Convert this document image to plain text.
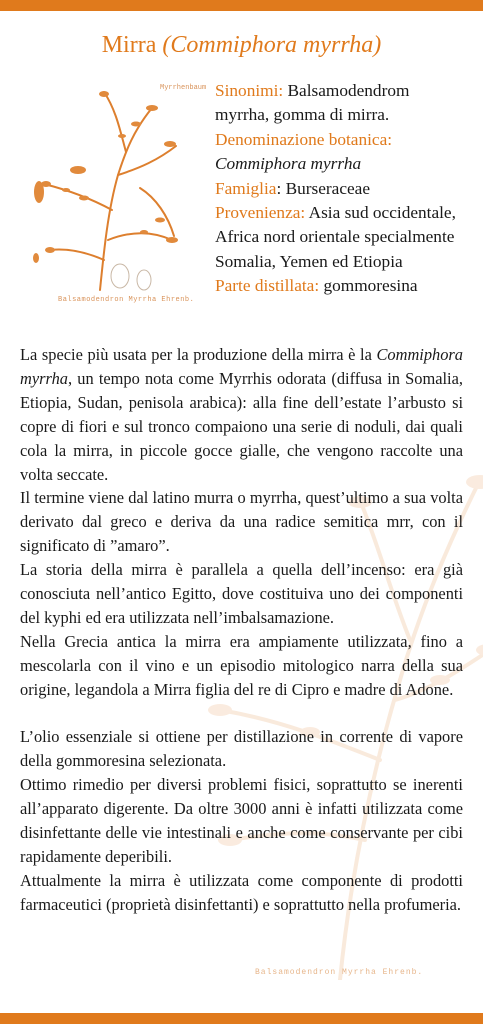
Mirra (Commiphora myrrha)
Myrrhenbaum
Balsamodendron Myrrha Ehrenb.

Sinonimi: Balsamodendrom myrrha, gomma di mirra.

Denominazione botanica:

Commiphora myrrha

Famiglia: Burseraceae

Provenienza: Asia sud occidentale, Africa nord orientale specialmente Somalia, Yemen ed Etiopia

Parte distillata: gommoresina

Balsamodendron Myrrha Ehrenb.

La specie più usata per la produzione della mirra è la Commiphora myrrha, un tempo nota come Myrrhis odorata (diffusa in Somalia, Etiopia, Sudan, penisola arabica): alla fine dell’estate l’arbusto si copre di fiori e sul tronco compaiono una serie di noduli, dai quali cola la mirra, in piccole gocce gialle, che vengono raccolte una volta seccate.

Il termine viene dal latino murra o myrrha, quest’ultimo a sua volta derivato dal greco e deriva da una radice semitica mrr, con il significato di ”amaro”.

La storia della mirra è parallela a quella dell’incenso: era già conosciuta nell’antico Egitto, dove costituiva uno dei componenti del kyphi ed era utilizzata nell’imbalsamazione.

Nella Grecia antica la mirra era ampiamente utilizzata, fino a mescolarla con il vino e un episodio mitologico narra della sua origine, legandola a Mirra figlia del re di Cipro e madre di Adone.

L’olio essenziale si ottiene per distillazione in corrente di vapore della gommoresina selezionata.

Ottimo rimedio per diversi problemi fisici, soprattutto se inerenti all’apparato digerente. Da oltre 3000 anni è infatti utilizzata come disinfettante delle vie intestinali e anche come conservante per cibi rapidamente deperibili.

Attualmente la mirra è utilizzata come componente di prodotti farmaceutici (proprietà disinfettanti) e soprattutto nella profumeria.
